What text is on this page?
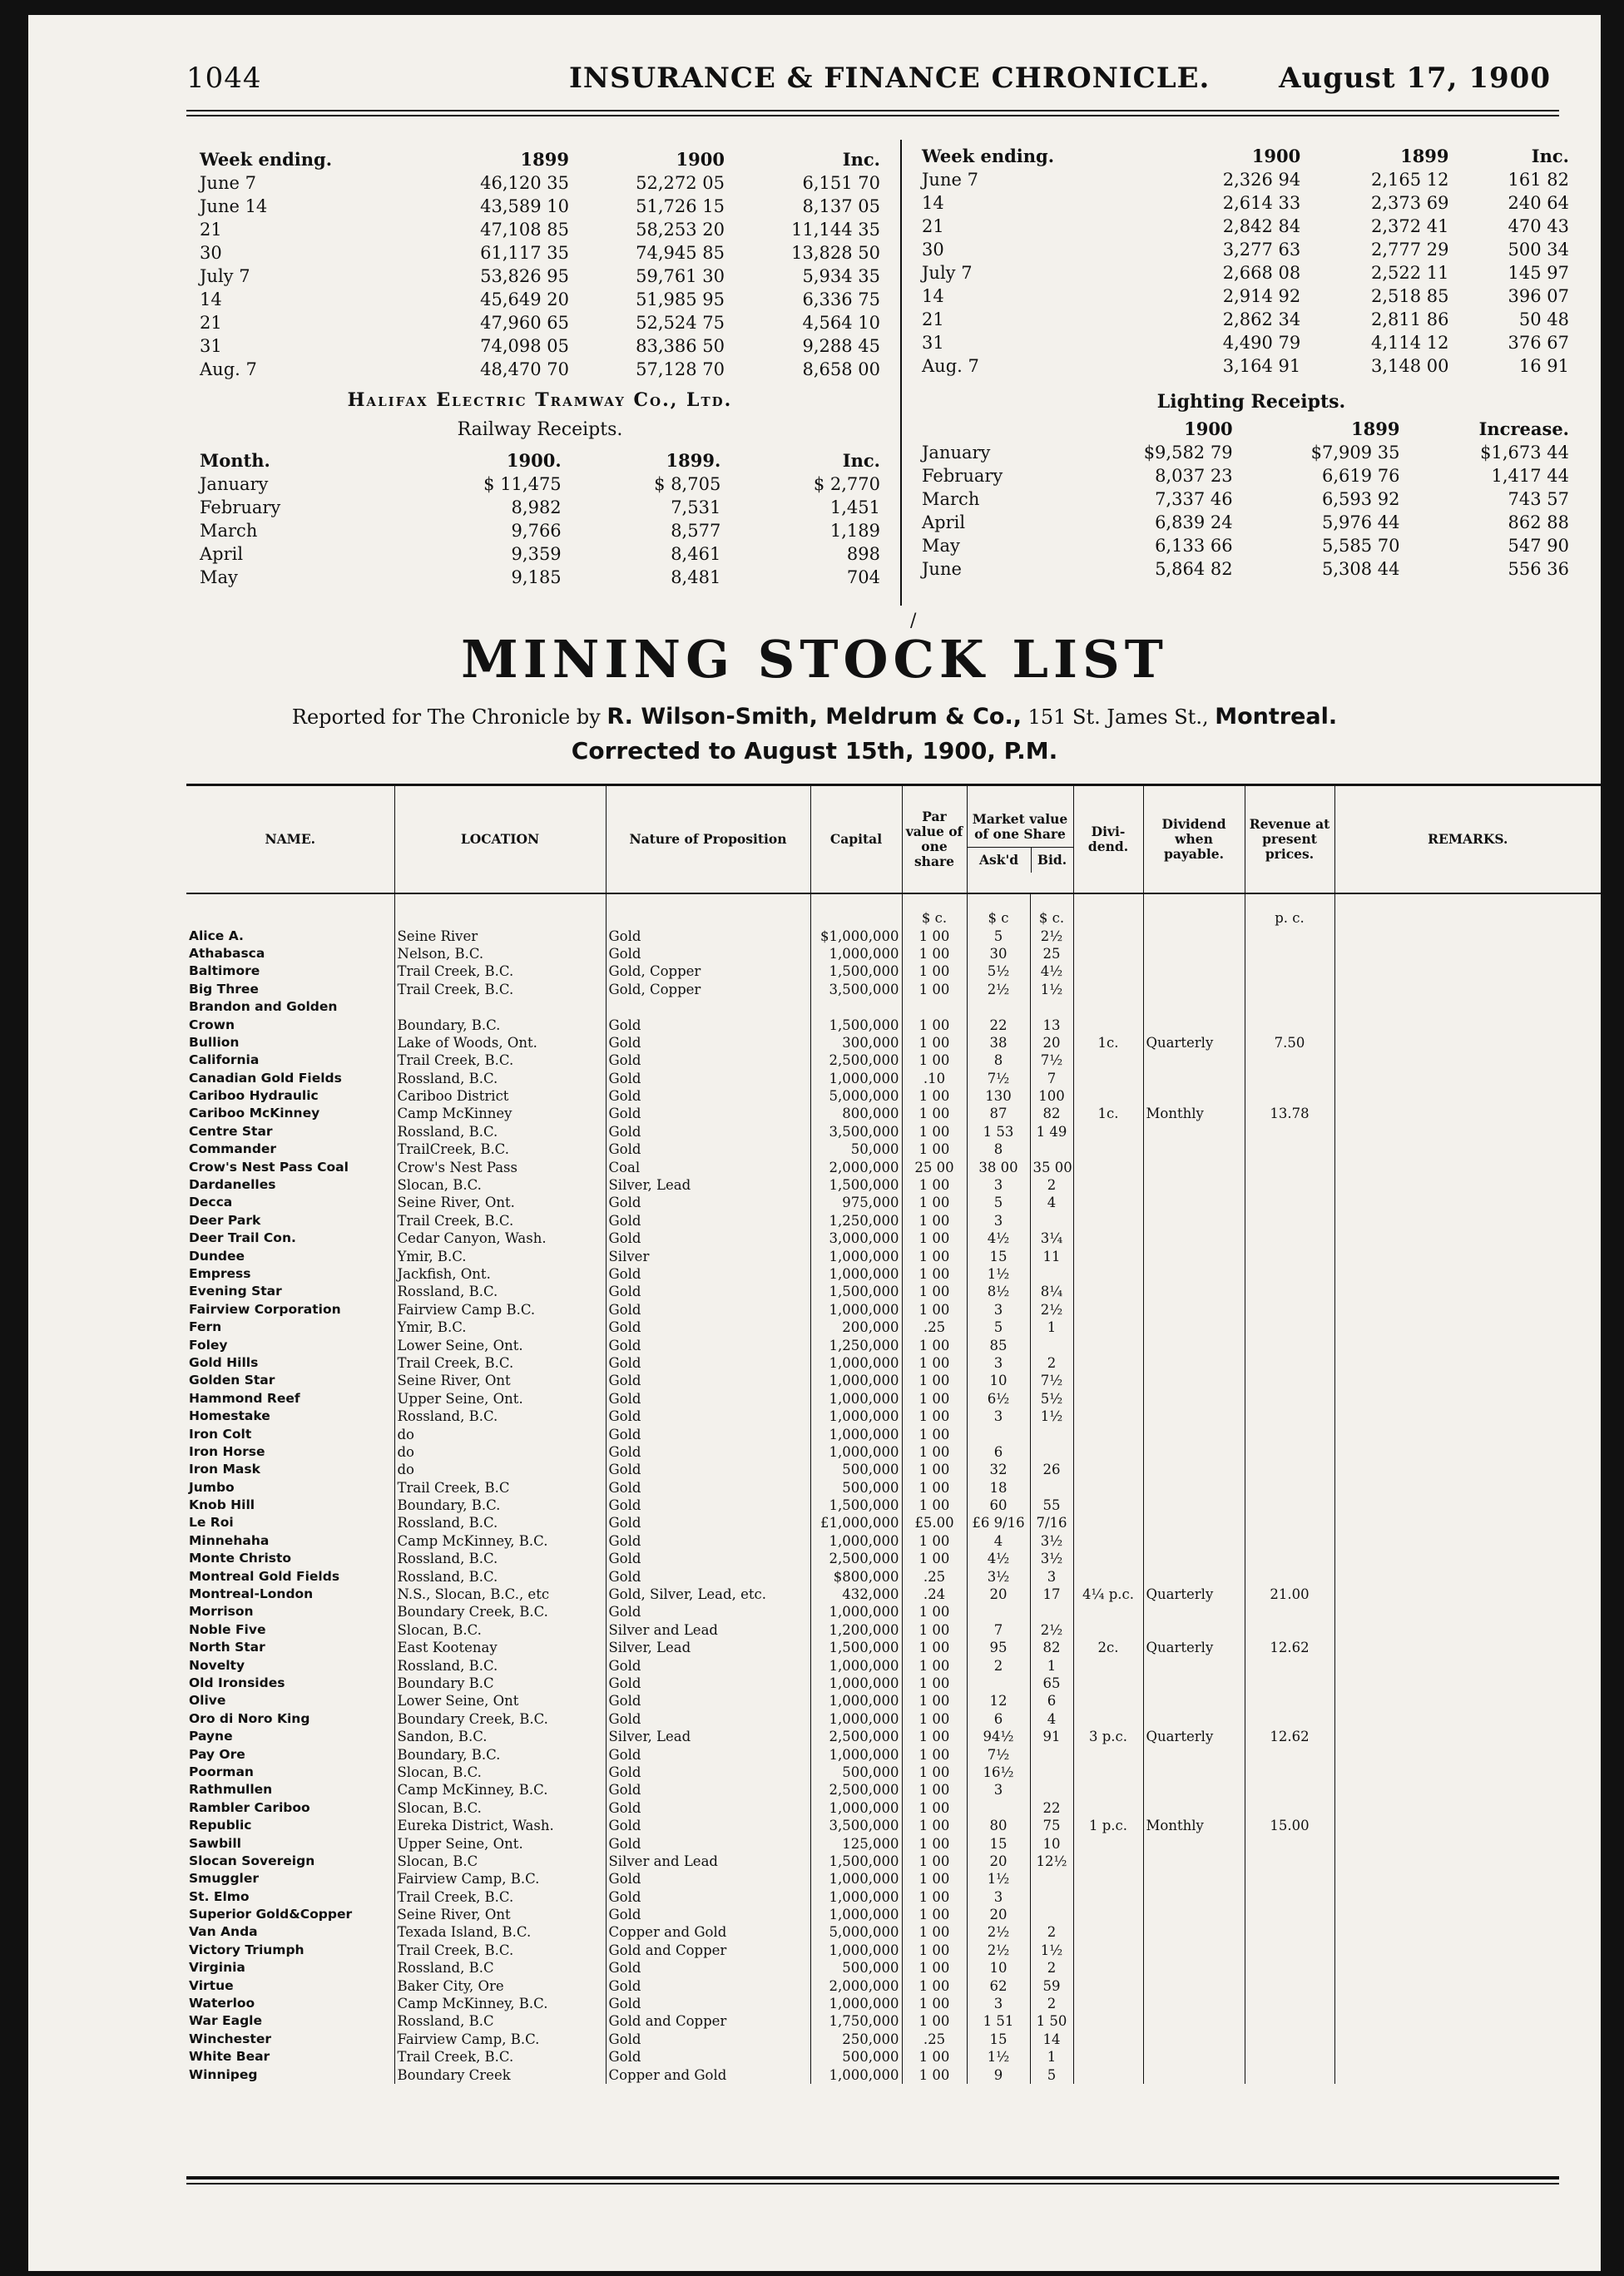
1044	INSURANCE & FINANCE CHRONICLE. August 17, 1900
Week ending.	1899	1900	Inc.
June 7	46,120 35	52,272 05	6,151 70
June 14	43,589 10	51,726 15	8,137 05
21	47,108 85	58,253 20	11,144 35
30	61,117 35	74,945 85	13,828 50
July 7	53,826 95	59,761 30	5,934 35
14	45,649 20	51,985 95	6,336 75
21	47,960 65	52,524 75	4,564 10
31	74,098 05	83,386 50	9,288 45
Aug. 7	48,470 70	57,128 70	8,658 00
Halifax Electric Tramway Co., Ltd.
Railway Receipts.
Month.	1900.	1899.	Inc.
January	$ 11,475	$ 8,705	$ 2,770
February	8,982	7,531	1,451
March	9,766	8,577	1,189
April	9,359	8,461	898
May	9,185	8,481	704
Week ending.	1900	1899	Inc.
June 7	2,326 94	2,165 12	161 82
14	2,614 33	2,373 69	240 64
21	2,842 84	2,372 41	470 43
30	3,277 63	2,777 29	500 34
July 7	2,668 08	2,522 11	145 97
14	2,914 92	2,518 85	396 07
21	2,862 34	2,811 86	50 48
31	4,490 79	4,114 12	376 67
Aug. 7	3,164 91	3,148 00	16 91
Lighting Receipts.
	1900	1899	Increase.
January	$9,582 79	$7,909 35	$1,673 44
February	8,037 23	6,619 76	1,417 44
March	7,337 46	6,593 92	743 57
April	6,839 24	5,976 44	862 88
May	6,133 66	5,585 70	547 90
June	5,864 82	5,308 44	556 36
/
MINING STOCK LIST
Reported for The Chronicle by R. Wilson-Smith, Meldrum & Co., 151 St. James St., Montreal.
Corrected to August 15th, 1900, P.M.
NAME.	LOCATION	Nature of Proposition	Capital	Par value of one share	Market value of one Share
Ask'd Bid.		Divi- dend.	Dividend when payable.	Revenue at present prices.	REMARKS.
				$ c.	$ c	$ c.			p. c.	
Alice A.	Seine River	Gold	$1,000,000	1 00	5	2½				
Athabasca	Nelson, B.C.	Gold	1,000,000	1 00	30	25				
Baltimore	Trail Creek, B.C.	Gold, Copper	1,500,000	1 00	5½	4½				
Big Three	Trail Creek, B.C.	Gold, Copper	3,500,000	1 00	2½	1½				
Brandon and Golden										
Crown	Boundary, B.C.	Gold	1,500,000	1 00	22	13				
Bullion	Lake of Woods, Ont.	Gold	300,000	1 00	38	20	1c.	Quarterly	7.50	
California	Trail Creek, B.C.	Gold	2,500,000	1 00	8	7½				
Canadian Gold Fields	Rossland, B.C.	Gold	1,000,000	.10	7½	7				
Cariboo Hydraulic	Cariboo District	Gold	5,000,000	1 00	130	100				
Cariboo McKinney	Camp McKinney	Gold	800,000	1 00	87	82	1c.	Monthly	13.78	
Centre Star	Rossland, B.C.	Gold	3,500,000	1 00	1 53	1 49				
Commander	TrailCreek, B.C.	Gold	50,000	1 00	8					
Crow's Nest Pass Coal	Crow's Nest Pass	Coal	2,000,000	25 00	38 00	35 00				
Dardanelles	Slocan, B.C.	Silver, Lead	1,500,000	1 00	3	2				
Decca	Seine River, Ont.	Gold	975,000	1 00	5	4				
Deer Park	Trail Creek, B.C.	Gold	1,250,000	1 00	3					
Deer Trail Con.	Cedar Canyon, Wash.	Gold	3,000,000	1 00	4½	3¼				
Dundee	Ymir, B.C.	Silver	1,000,000	1 00	15	11				
Empress	Jackfish, Ont.	Gold	1,000,000	1 00	1½					
Evening Star	Rossland, B.C.	Gold	1,500,000	1 00	8½	8¼				
Fairview Corporation	Fairview Camp B.C.	Gold	1,000,000	1 00	3	2½				
Fern	Ymir, B.C.	Gold	200,000	.25	5	1				
Foley	Lower Seine, Ont.	Gold	1,250,000	1 00	85					
Gold Hills	Trail Creek, B.C.	Gold	1,000,000	1 00	3	2				
Golden Star	Seine River, Ont	Gold	1,000,000	1 00	10	7½				
Hammond Reef	Upper Seine, Ont.	Gold	1,000,000	1 00	6½	5½				
Homestake	Rossland, B.C.	Gold	1,000,000	1 00	3	1½				
Iron Colt	do	Gold	1,000,000	1 00						
Iron Horse	do	Gold	1,000,000	1 00	6					
Iron Mask	do	Gold	500,000	1 00	32	26				
Jumbo	Trail Creek, B.C	Gold	500,000	1 00	18					
Knob Hill	Boundary, B.C.	Gold	1,500,000	1 00	60	55				
Le Roi	Rossland, B.C.	Gold	£1,000,000	£5.00	£6 9/16	7/16				
Minnehaha	Camp McKinney, B.C.	Gold	1,000,000	1 00	4	3½				
Monte Christo	Rossland, B.C.	Gold	2,500,000	1 00	4½	3½				
Montreal Gold Fields	Rossland, B.C.	Gold	$800,000	.25	3½	3				
Montreal-London	N.S., Slocan, B.C., etc	Gold, Silver, Lead, etc.	432,000	.24	20	17	4¼ p.c.	Quarterly	21.00	
Morrison	Boundary Creek, B.C.	Gold	1,000,000	1 00						
Noble Five	Slocan, B.C.	Silver and Lead	1,200,000	1 00	7	2½				
North Star	East Kootenay	Silver, Lead	1,500,000	1 00	95	82	2c.	Quarterly	12.62	
Novelty	Rossland, B.C.	Gold	1,000,000	1 00	2	1				
Old Ironsides	Boundary B.C	Gold	1,000,000	1 00		65				
Olive	Lower Seine, Ont	Gold	1,000,000	1 00	12	6				
Oro di Noro King	Boundary Creek, B.C.	Gold	1,000,000	1 00	6	4				
Payne	Sandon, B.C.	Silver, Lead	2,500,000	1 00	94½	91	3 p.c.	Quarterly	12.62	
Pay Ore	Boundary, B.C.	Gold	1,000,000	1 00	7½					
Poorman	Slocan, B.C.	Gold	500,000	1 00	16½					
Rathmullen	Camp McKinney, B.C.	Gold	2,500,000	1 00	3					
Rambler Cariboo	Slocan, B.C.	Gold	1,000,000	1 00		22				
Republic	Eureka District, Wash.	Gold	3,500,000	1 00	80	75	1 p.c.	Monthly	15.00	
Sawbill	Upper Seine, Ont.	Gold	125,000	1 00	15	10				
Slocan Sovereign	Slocan, B.C	Silver and Lead	1,500,000	1 00	20	12½				
Smuggler	Fairview Camp, B.C.	Gold	1,000,000	1 00	1½					
St. Elmo	Trail Creek, B.C.	Gold	1,000,000	1 00	3					
Superior Gold&Copper	Seine River, Ont	Gold	1,000,000	1 00	20					
Van Anda	Texada Island, B.C.	Copper and Gold	5,000,000	1 00	2½	2				
Victory Triumph	Trail Creek, B.C.	Gold and Copper	1,000,000	1 00	2½	1½				
Virginia	Rossland, B.C	Gold	500,000	1 00	10	2				
Virtue	Baker City, Ore	Gold	2,000,000	1 00	62	59				
Waterloo	Camp McKinney, B.C.	Gold	1,000,000	1 00	3	2				
War Eagle	Rossland, B.C	Gold and Copper	1,750,000	1 00	1 51	1 50				
Winchester	Fairview Camp, B.C.	Gold	250,000	.25	15	14				
White Bear	Trail Creek, B.C.	Gold	500,000	1 00	1½	1				
Winnipeg	Boundary Creek	Copper and Gold	1,000,000	1 00	9	5				
